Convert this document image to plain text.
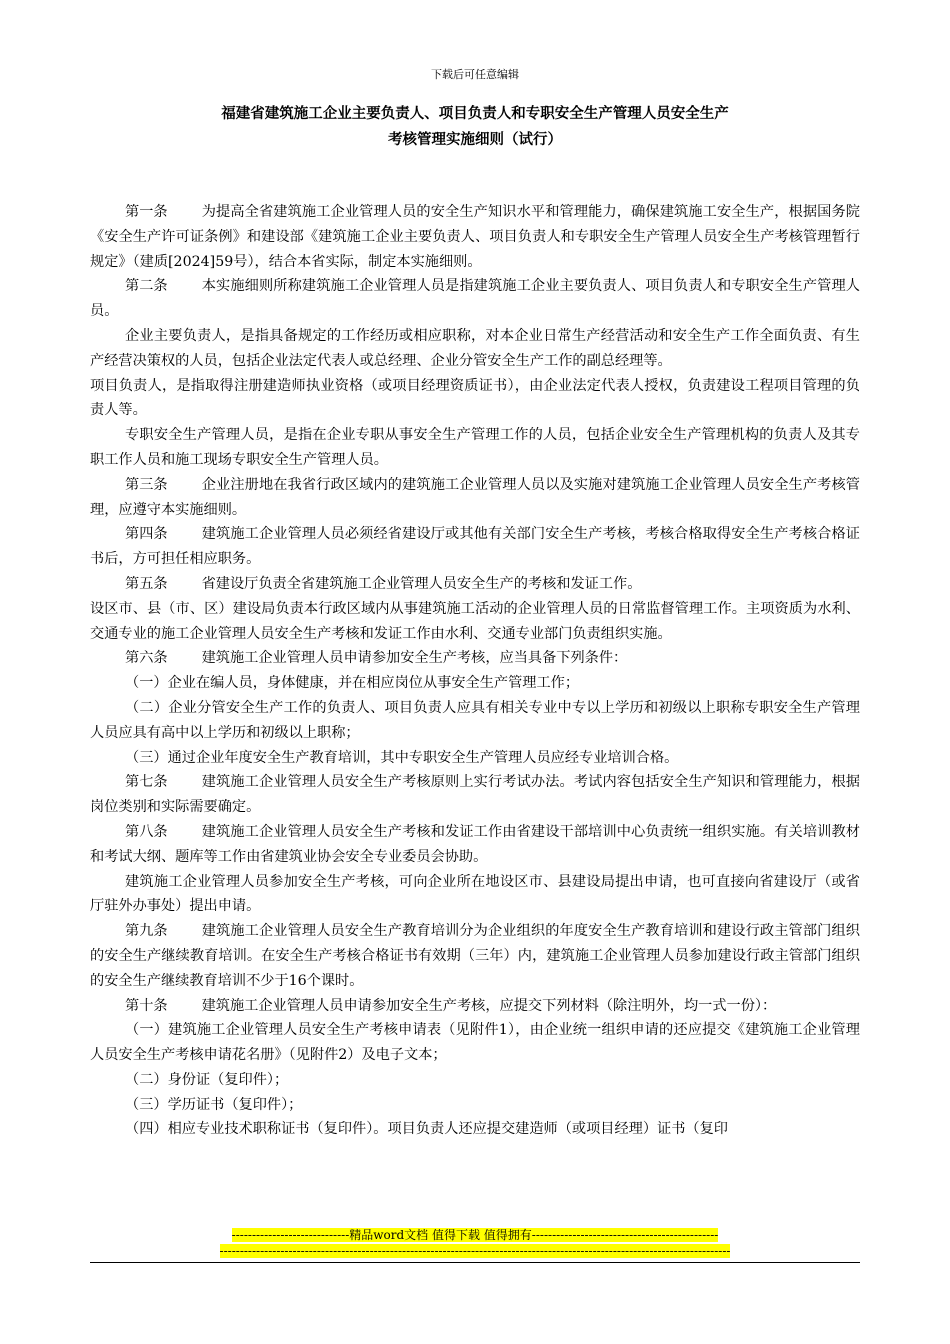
下载后可任意编辑
福建省建筑施工企业主要负责人、项目负责人和专职安全生产管理人员安全生产
考核管理实施细则（试行）

第一条 为提高全省建筑施工企业管理人员的安全生产知识水平和管理能力，确保建筑施工安全生产，根据国务院《安全生产许可证条例》和建设部《建筑施工企业主要负责人、项目负责人和专职安全生产管理人员安全生产考核管理暂行规定》（建质[2024]59号），结合本省实际，制定本实施细则。

第二条 本实施细则所称建筑施工企业管理人员是指建筑施工企业主要负责人、项目负责人和专职安全生产管理人员。

企业主要负责人，是指具备规定的工作经历或相应职称，对本企业日常生产经营活动和安全生产工作全面负责、有生产经营决策权的人员，包括企业法定代表人或总经理、企业分管安全生产工作的副总经理等。

项目负责人，是指取得注册建造师执业资格（或项目经理资质证书），由企业法定代表人授权，负责建设工程项目管理的负责人等。

专职安全生产管理人员，是指在企业专职从事安全生产管理工作的人员，包括企业安全生产管理机构的负责人及其专职工作人员和施工现场专职安全生产管理人员。

第三条 企业注册地在我省行政区域内的建筑施工企业管理人员以及实施对建筑施工企业管理人员安全生产考核管理，应遵守本实施细则。

第四条 建筑施工企业管理人员必须经省建设厅或其他有关部门安全生产考核，考核合格取得安全生产考核合格证书后，方可担任相应职务。

第五条 省建设厅负责全省建筑施工企业管理人员安全生产的考核和发证工作。

设区市、县（市、区）建设局负责本行政区域内从事建筑施工活动的企业管理人员的日常监督管理工作。主项资质为水利、交通专业的施工企业管理人员安全生产考核和发证工作由水利、交通专业部门负责组织实施。

第六条 建筑施工企业管理人员申请参加安全生产考核，应当具备下列条件：

（一）企业在编人员，身体健康，并在相应岗位从事安全生产管理工作；

（二）企业分管安全生产工作的负责人、项目负责人应具有相关专业中专以上学历和初级以上职称专职安全生产管理人员应具有高中以上学历和初级以上职称；

（三）通过企业年度安全生产教育培训，其中专职安全生产管理人员应经专业培训合格。

第七条 建筑施工企业管理人员安全生产考核原则上实行考试办法。考试内容包括安全生产知识和管理能力，根据岗位类别和实际需要确定。

第八条 建筑施工企业管理人员安全生产考核和发证工作由省建设干部培训中心负责统一组织实施。有关培训教材和考试大纲、题库等工作由省建筑业协会安全专业委员会协助。

建筑施工企业管理人员参加安全生产考核，可向企业所在地设区市、县建设局提出申请，也可直接向省建设厅（或省厅驻外办事处）提出申请。

第九条 建筑施工企业管理人员安全生产教育培训分为企业组织的年度安全生产教育培训和建设行政主管部门组织的安全生产继续教育培训。在安全生产考核合格证书有效期（三年）内，建筑施工企业管理人员参加建设行政主管部门组织的安全生产继续教育培训不少于16个课时。

第十条 建筑施工企业管理人员申请参加安全生产考核，应提交下列材料（除注明外，均一式一份）：

（一）建筑施工企业管理人员安全生产考核申请表（见附件1），由企业统一组织申请的还应提交《建筑施工企业管理人员安全生产考核申请花名册》（见附件2）及电子文本；

（二）身份证（复印件）；

（三）学历证书（复印件）；

（四）相应专业技术职称证书（复印件）。项目负责人还应提交建造师（或项目经理）证书（复印

-----------------------------精品word文档 值得下载 值得拥有----------------------------------------------
------------------------------------------------------------------------------------------------------------------------------
